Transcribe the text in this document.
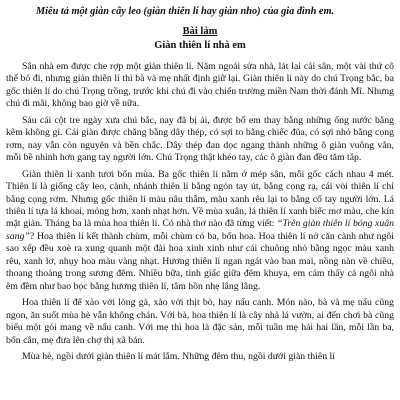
Miêu tả một giàn cây leo (giàn thiên lí hay giàn nho) của gia đình em.
Bài làm
Giàn thiên lí nhà em

Sân nhà em được che rợp một giàn thiên lí. Năm ngoái sửa nhà, lát lại cái sân, một vài thứ cô thể bỏ đi, nhưng giàn thiên lí thì bà và mẹ nhất định giữ lại. Giàn thiên lí này do chú Trọng bắc, ba gốc thiên lí do chú Trọng trồng, trước khi chú đi vào chiến trường miền Nam thời đánh Mĩ. Nhưng chú đi mãi, không bao giờ về nữa.

Sáu cái cột tre ngày xưa chú bắc, nay đã bị ải, được bố em thay bằng những ống nước bằng kẽm không gỉ. Cái giàn được chăng bằng dây thép, có sợi to bằng chiếc đũa, có sợi nhỏ bằng cọng rơm, nay vẫn còn nguyên và bền chắc. Dây thép đan dọc ngang thành những ô giàn vuông vắn, mỗi bề nhỉnh hơn gang tay người lớn. Chú Trọng thật khéo tay, các ô giàn đan đều tăm tắp.

Giàn thiên lí xanh tươi bốn mùa. Ba gốc thiên lí nằm ở mép sân, mỗi gốc cách nhau 4 mét. Thiên lí là giống cây leo, cành, nhánh thiên lí bằng ngón tay út, bằng cọng rạ, cái vòi thiên lí chỉ bằng cọng rơm. Nhưng gốc thiên lí màu nâu thẫm, màu xanh rêu lại to bằng cổ tay người lớn. Lá thiên lí tựa lá khoai, mỏng hơn, xanh nhạt hơn. Về mùa xuân, lá thiên lí xanh biếc mơ màu, che kín mặt giàn. Tháng ba là mùa hoa thiên lí. Có nhà thơ nào đã từng viết: “Trên giàn thiên lí bóng xuân sang”? Hoa thiên lí kết thành chùm, mỗi chùm có ba, bốn hoa. Hoa thiên lí nở căn cành như ngôi sao xếp đều xoè ra xung quanh một đài hoa xinh xinh như cái chuông nhỏ bằng ngọc màu xanh rêu, xanh lơ, nhụy hoa màu vàng nhạt. Hương thiên lí ngan ngát vào ban mai, nồng nàn về chiều, thoang thoảng trong sương đêm. Nhiều bữa, tinh giấc giữa đêm khuya, em cảm thấy cả ngôi nhà êm đềm như bao bọc bằng hương thiên lí, tâm hồn nhẹ lâng lâng.

Hoa thiên lí để xào với lòng gà, xào với thịt bò, hay nấu canh. Món nào, bà và mẹ nấu cũng ngon, ăn suốt mùa hè vẫn không chán. Với bà, hoa thiên lí là cây nhà lá vườn, ai đến chơi bà cũng biếu một gói mang về nấu canh. Với mẹ thì hoa là đặc sản, mỗi tuần mẹ hái hai lần, mỗi lần ba, bốn cân, mẹ đưa lên chợ thị xã bán.

Mùa hè, ngồi dưới giàn thiên lí mát lắm. Những đêm thu, ngồi dưới giàn thiên lí
